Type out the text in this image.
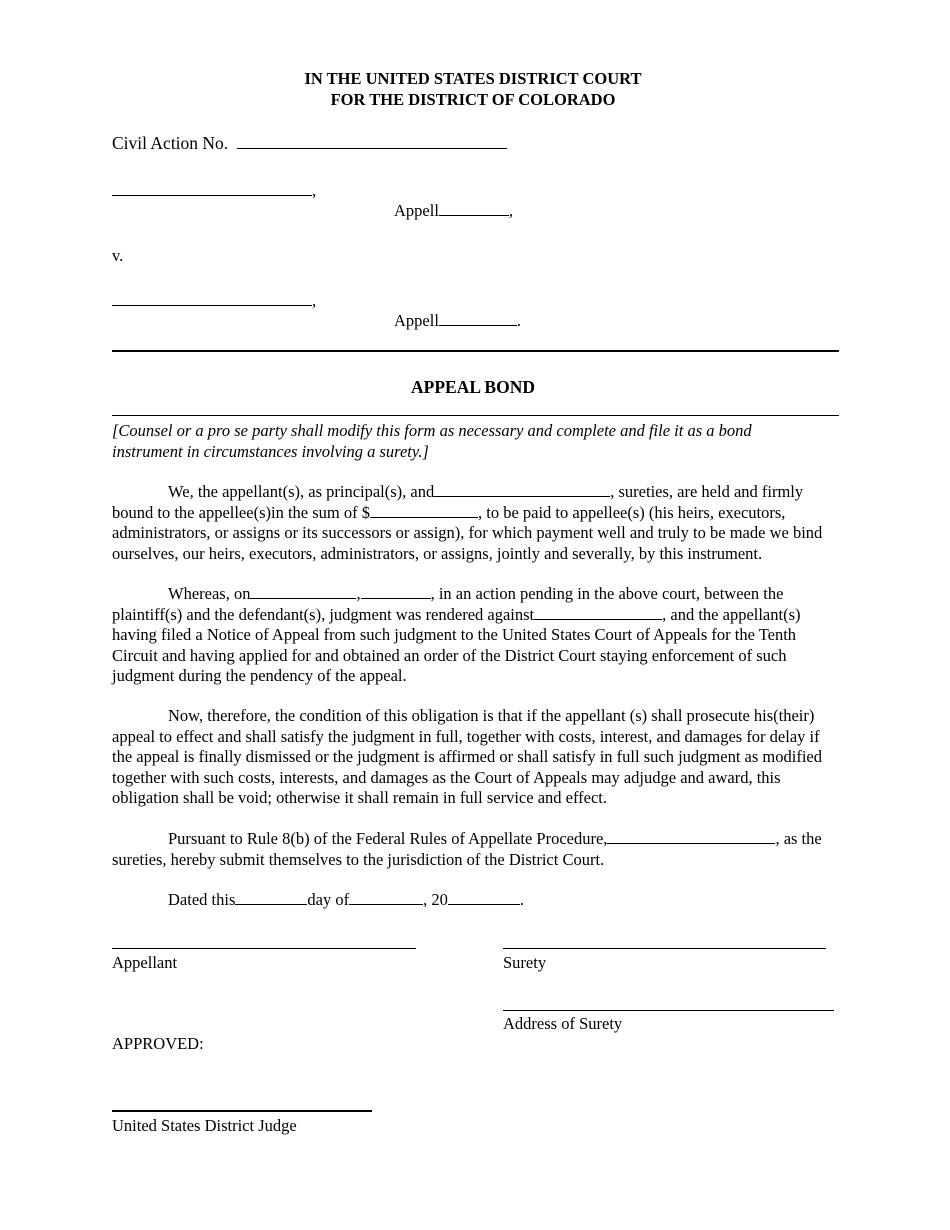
IN THE UNITED STATES DISTRICT COURT
FOR THE DISTRICT OF COLORADO
Civil Action No.
,
Appell	,
v.
,
Appell	.
APPEAL BOND
[Counsel or a pro se party shall modify this form as necessary and complete and file it as a bond instrument in circumstances involving a surety.]
We, the appellant(s), as principal(s), and	, sureties, are held and firmly bound to the appellee(s)in the sum of $	, to be paid to appellee(s) (his heirs, executors, administrators, or assigns or its successors or assign), for which payment well and truly to be made we bind ourselves, our heirs, executors, administrators, or assigns, jointly and severally, by this instrument.
Whereas, on	,	, in an action pending in the above court, between the plaintiff(s) and the defendant(s), judgment was rendered against	, and the appellant(s) having filed a Notice of Appeal from such judgment to the United States Court of Appeals for the Tenth Circuit and having applied for and obtained an order of the District Court staying enforcement of such judgment during the pendency of the appeal.
Now, therefore, the condition of this obligation is that if the appellant (s) shall prosecute his(their) appeal to effect and shall satisfy the judgment in full, together with costs, interest, and damages for delay if the appeal is finally dismissed or the judgment is affirmed or shall satisfy in full such judgment as modified together with such costs, interests, and damages as the Court of Appeals may adjudge and award, this obligation shall be void; otherwise it shall remain in full service and effect.
Pursuant to Rule 8(b) of the Federal Rules of Appellate Procedure,	, as the sureties, hereby submit themselves to the jurisdiction of the District Court.
Dated this	day of	, 20	.
Appellant	Surety
Address of Surety
APPROVED:
United States District Judge
